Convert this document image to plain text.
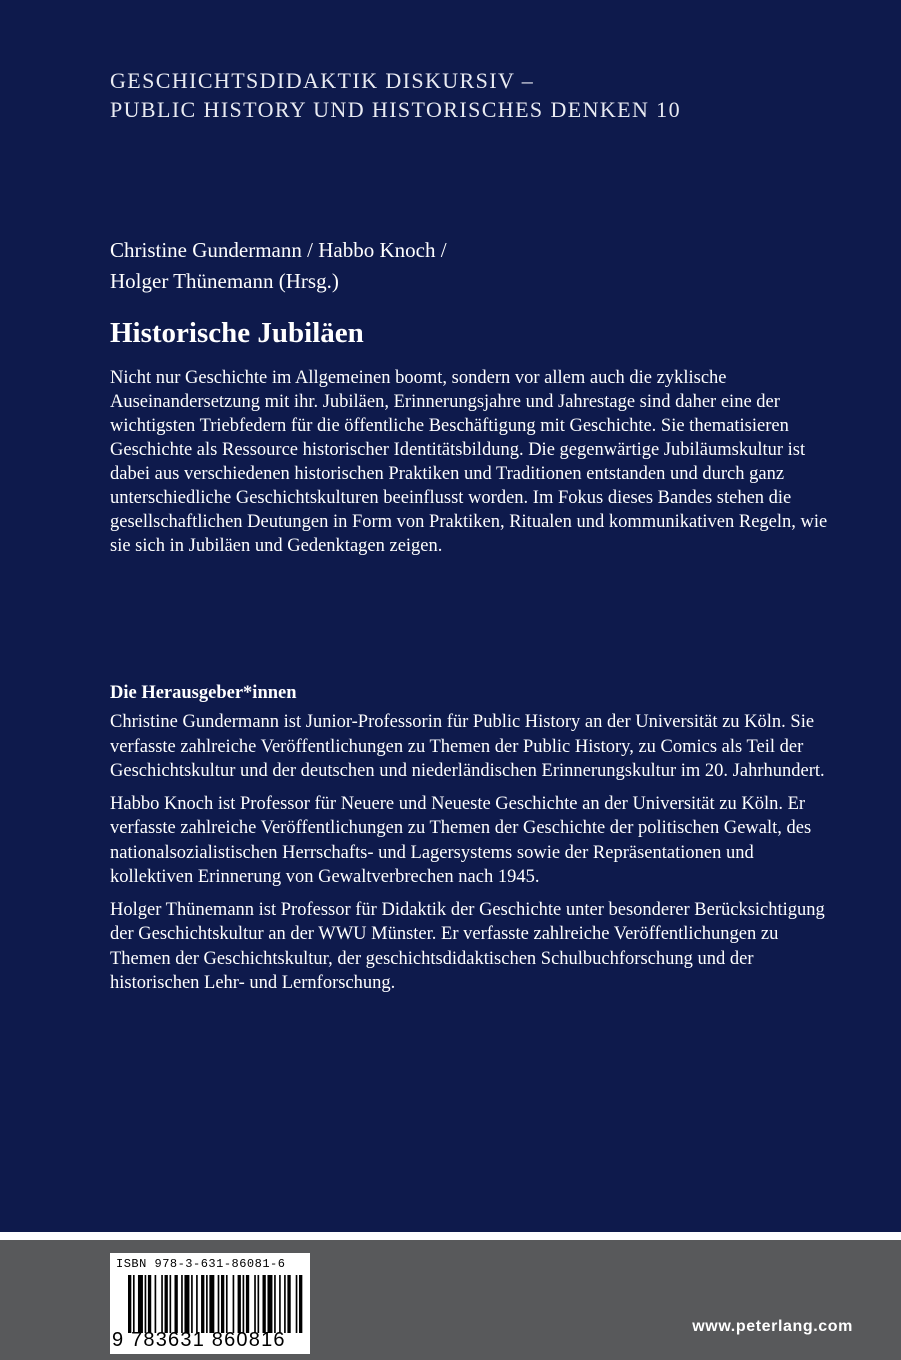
GESCHICHTSDIDAKTIK DISKURSIV –
PUBLIC HISTORY UND HISTORISCHES DENKEN 10
Christine Gundermann / Habbo Knoch /
Holger Thünemann (Hrsg.)
Historische Jubiläen

Nicht nur Geschichte im Allgemeinen boomt, sondern vor allem auch die zyklische Auseinandersetzung mit ihr. Jubiläen, Erinnerungsjahre und Jahrestage sind daher eine der wichtigsten Triebfedern für die öffentliche Beschäftigung mit Geschichte. Sie thematisieren Geschichte als Ressource historischer Identitätsbildung. Die gegenwärtige Jubiläumskultur ist dabei aus verschiedenen historischen Praktiken und Traditionen entstanden und durch ganz unterschiedliche Geschichtskulturen beeinflusst worden. Im Fokus dieses Bandes stehen die gesellschaftlichen Deutungen in Form von Praktiken, Ritualen und kommunikativen Regeln, wie sie sich in Jubiläen und Gedenktagen zeigen.

Die Herausgeber*innen

Christine Gundermann ist Junior-Professorin für Public History an der Universität zu Köln. Sie verfasste zahlreiche Veröffentlichungen zu Themen der Public History, zu Comics als Teil der Geschichtskultur und der deutschen und niederländischen Erinnerungskultur im 20. Jahrhundert.

Habbo Knoch ist Professor für Neuere und Neueste Geschichte an der Universität zu Köln. Er verfasste zahlreiche Veröffentlichungen zu Themen der Geschichte der politischen Gewalt, des nationalsozialistischen Herrschafts- und Lagersystems sowie der Repräsentationen und kollektiven Erinnerung von Gewaltverbrechen nach 1945.

Holger Thünemann ist Professor für Didaktik der Geschichte unter besonderer Berücksichtigung der Geschichtskultur an der WWU Münster. Er verfasste zahlreiche Veröffentlichungen zu Themen der Geschichtskultur, der geschichtsdidaktischen Schulbuchforschung und der historischen Lehr- und Lernforschung.

ISBN 978-3-631-86081-6
9 783631 860816
www.peterlang.com
